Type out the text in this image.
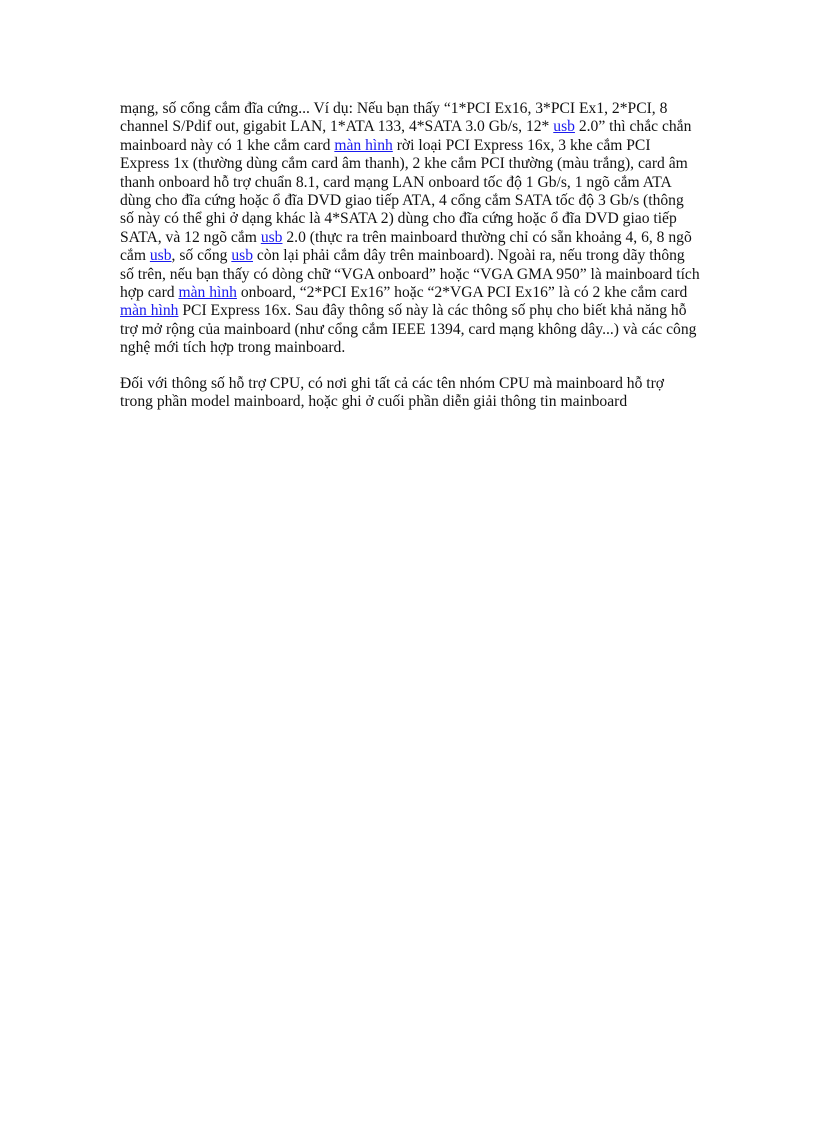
mạng, số cổng cắm đĩa cứng... Ví dụ: Nếu bạn thấy “1*PCI Ex16, 3*PCI Ex1, 2*PCI, 8 channel S/Pdif out, gigabit LAN, 1*ATA 133, 4*SATA 3.0 Gb/s, 12* usb 2.0” thì chắc chắn mainboard này có 1 khe cắm card màn hình rời loại PCI Express 16x, 3 khe cắm PCI Express 1x (thường dùng cắm card âm thanh), 2 khe cắm PCI thường (màu trắng), card âm thanh onboard hỗ trợ chuẩn 8.1, card mạng LAN onboard tốc độ 1 Gb/s, 1 ngõ cắm ATA dùng cho đĩa cứng hoặc ổ đĩa DVD giao tiếp ATA, 4 cổng cắm SATA tốc độ 3 Gb/s (thông số này có thể ghi ở dạng khác là 4*SATA 2) dùng cho đĩa cứng hoặc ổ đĩa DVD giao tiếp SATA, và 12 ngõ cắm usb 2.0 (thực ra trên mainboard thường chỉ có sẵn khoảng 4, 6, 8 ngõ cắm usb, số cổng usb còn lại phải cắm dây trên mainboard). Ngoài ra, nếu trong dãy thông số trên, nếu bạn thấy có dòng chữ “VGA onboard” hoặc “VGA GMA 950” là mainboard tích hợp card màn hình onboard, “2*PCI Ex16” hoặc “2*VGA PCI Ex16” là có 2 khe cắm card màn hình PCI Express 16x. Sau đây thông số này là các thông số phụ cho biết khả năng hỗ trợ mở rộng của mainboard (như cổng cắm IEEE 1394, card mạng không dây...) và các công nghệ mới tích hợp trong mainboard.

Đối với thông số hỗ trợ CPU, có nơi ghi tất cả các tên nhóm CPU mà mainboard hỗ trợ trong phần model mainboard, hoặc ghi ở cuối phần diễn giải thông tin mainboard
